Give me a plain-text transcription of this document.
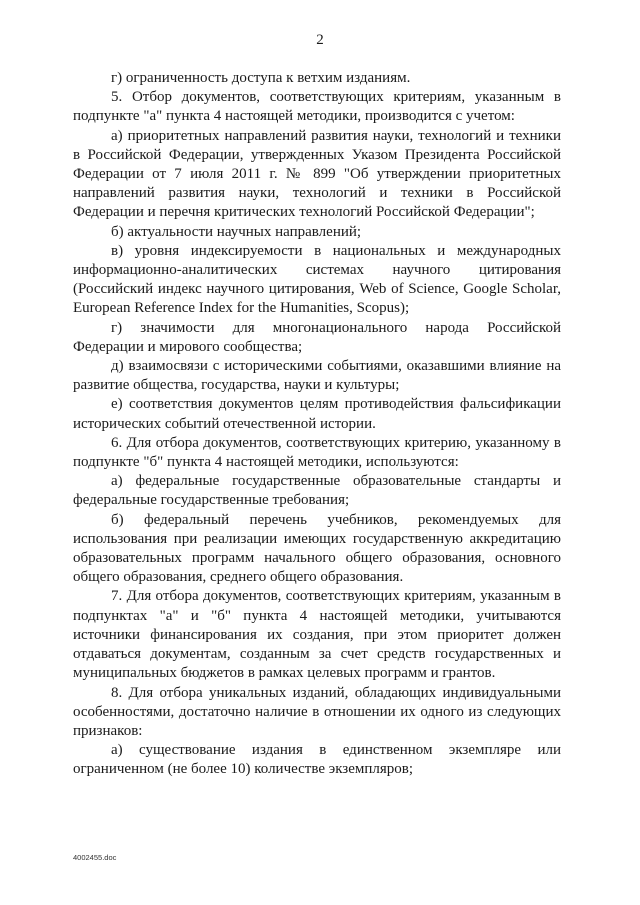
2

г) ограниченность доступа к ветхим изданиям.

5. Отбор документов, соответствующих критериям, указанным в подпункте "а" пункта 4 настоящей методики, производится с учетом:

а) приоритетных направлений развития науки, технологий и техники в Российской Федерации, утвержденных Указом Президента Российской Федерации от 7 июля 2011 г. № 899 "Об утверждении приоритетных направлений развития науки, технологий и техники в Российской Федерации и перечня критических технологий Российской Федерации";

б) актуальности научных направлений;

в) уровня индексируемости в национальных и международных информационно-аналитических системах научного цитирования (Российский индекс научного цитирования, Web of Science, Google Scholar, European Reference Index for the Humanities, Scopus);

г) значимости для многонационального народа Российской Федерации и мирового сообщества;

д) взаимосвязи с историческими событиями, оказавшими влияние на развитие общества, государства, науки и культуры;

е) соответствия документов целям противодействия фальсификации исторических событий отечественной истории.

6. Для отбора документов, соответствующих критерию, указанному в подпункте "б" пункта 4 настоящей методики, используются:

а) федеральные государственные образовательные стандарты и федеральные государственные требования;

б) федеральный перечень учебников, рекомендуемых для использования при реализации имеющих государственную аккредитацию образовательных программ начального общего образования, основного общего образования, среднего общего образования.

7. Для отбора документов, соответствующих критериям, указанным в подпунктах "а" и "б" пункта 4 настоящей методики, учитываются источники финансирования их создания, при этом приоритет должен отдаваться документам, созданным за счет средств государственных и муниципальных бюджетов в рамках целевых программ и грантов.

8. Для отбора уникальных изданий, обладающих индивидуальными особенностями, достаточно наличие в отношении их одного из следующих признаков:

а) существование издания в единственном экземпляре или ограниченном (не более 10) количестве экземпляров;

4002455.doc
